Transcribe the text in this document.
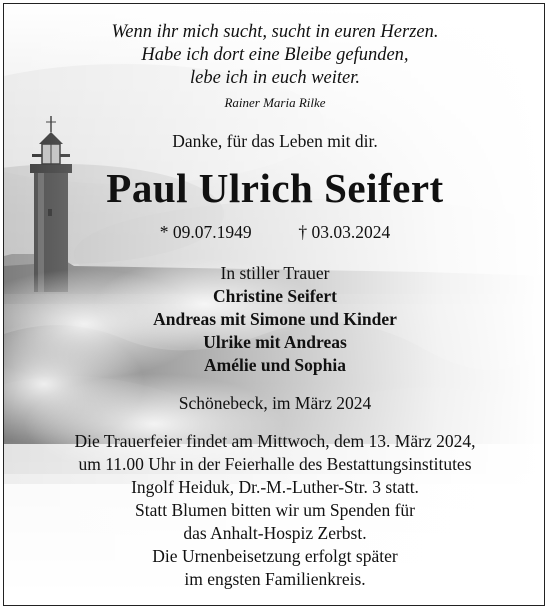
Wenn ihr mich sucht, sucht in euren Herzen.
Habe ich dort eine Bleibe gefunden,
lebe ich in euch weiter.
Rainer Maria Rilke
Danke, für das Leben mit dir.
Paul Ulrich Seifert
* 09.07.1949	† 03.03.2024
In stiller Trauer
Christine Seifert
Andreas mit Simone und Kinder
Ulrike mit Andreas
Amélie und Sophia
Schönebeck, im März 2024
Die Trauerfeier findet am Mittwoch, dem 13. März 2024,
um 11.00 Uhr in der Feierhalle des Bestattungsinstitutes
Ingolf Heiduk, Dr.-M.-Luther-Str. 3 statt.
Statt Blumen bitten wir um Spenden für
das Anhalt-Hospiz Zerbst.
Die Urnenbeisetzung erfolgt später
im engsten Familienkreis.
